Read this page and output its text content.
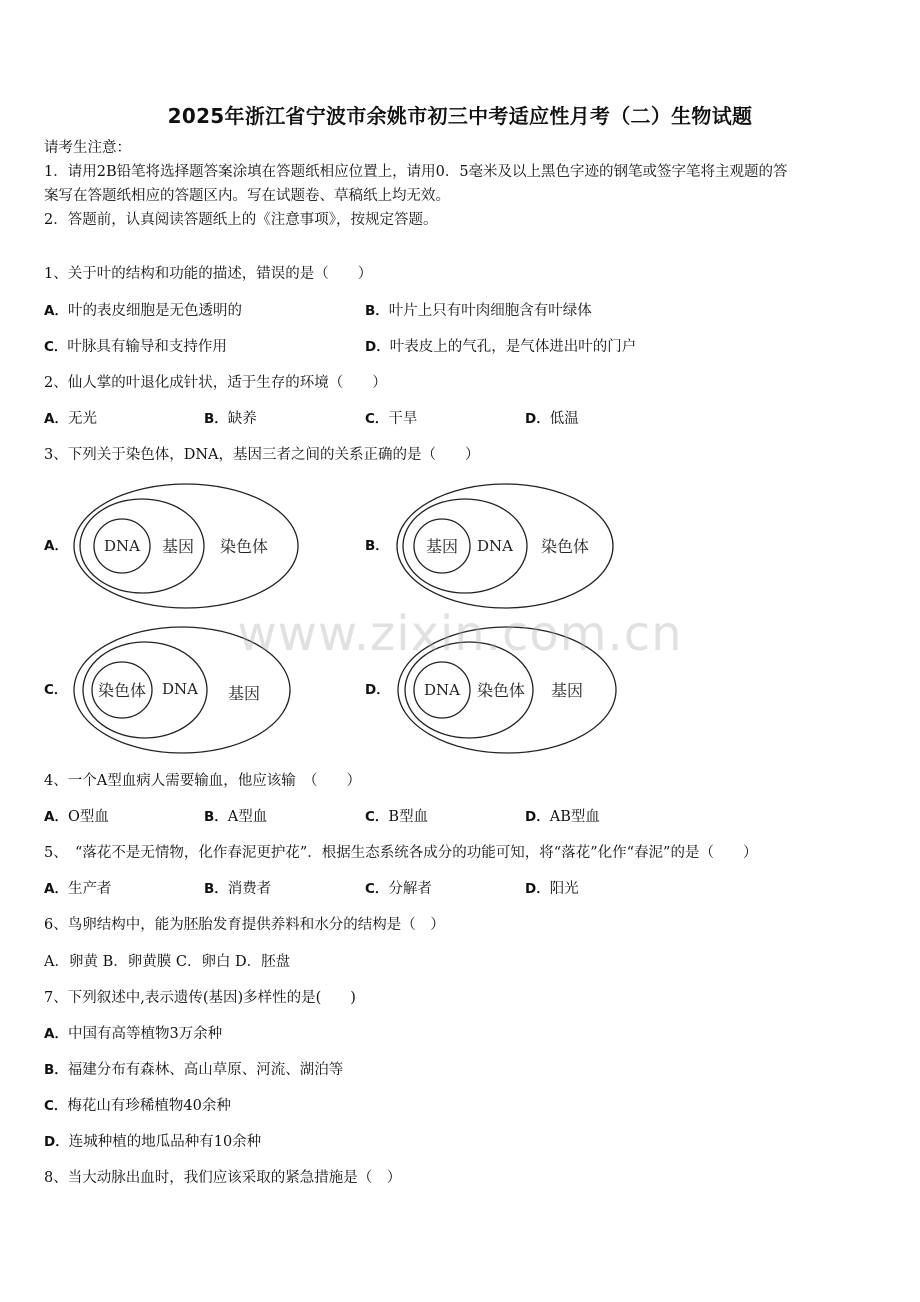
2025年浙江省宁波市余姚市初三中考适应性月考（二）生物试题
请考生注意：
1．请用2B铅笔将选择题答案涂填在答题纸相应位置上，请用0．5毫米及以上黑色字迹的钢笔或签字笔将主观题的答
案写在答题纸相应的答题区内。写在试题卷、草稿纸上均无效。
2．答题前，认真阅读答题纸上的《注意事项》，按规定答题。
1、关于叶的结构和功能的描述，错误的是（　　）
A．叶的表皮细胞是无色透明的	B．叶片上只有叶肉细胞含有叶绿体
C．叶脉具有输导和支持作用	D．叶表皮上的气孔，是气体进出叶的门户
2、仙人掌的叶退化成针状，适于生存的环境（　　）
A．无光	B．缺养	C．干旱	D．低温
3、下列关于染色体，DNA，基因三者之间的关系正确的是（　　）
A． DNA 基因 染色体	B． 基因 DNA 染色体
C． 染色体 DNA 基因	D． DNA 染色体 基因
www.zixin.com.cn
4、一个A型血病人需要输血，他应该输　（　　）
A．O型血	B．A型血	C．B型血	D．AB型血
5、　“落花不是无情物，化作春泥更护花”．根据生态系统各成分的功能可知，将“落花”化作“春泥”的是（　　）
A．生产者	B．消费者	C．分解者	D．阳光
6、鸟卵结构中，能为胚胎发育提供养料和水分的结构是（　）
A．卵黄 B．卵黄膜 C．卵白 D．胚盘
7、下列叙述中,表示遗传(基因)多样性的是(　　)
A．中国有高等植物3万余种
B．福建分布有森林、高山草原、河流、湖泊等
C．梅花山有珍稀植物40余种
D．连城种植的地瓜品种有10余种
8、当大动脉出血时，我们应该采取的紧急措施是（　）
